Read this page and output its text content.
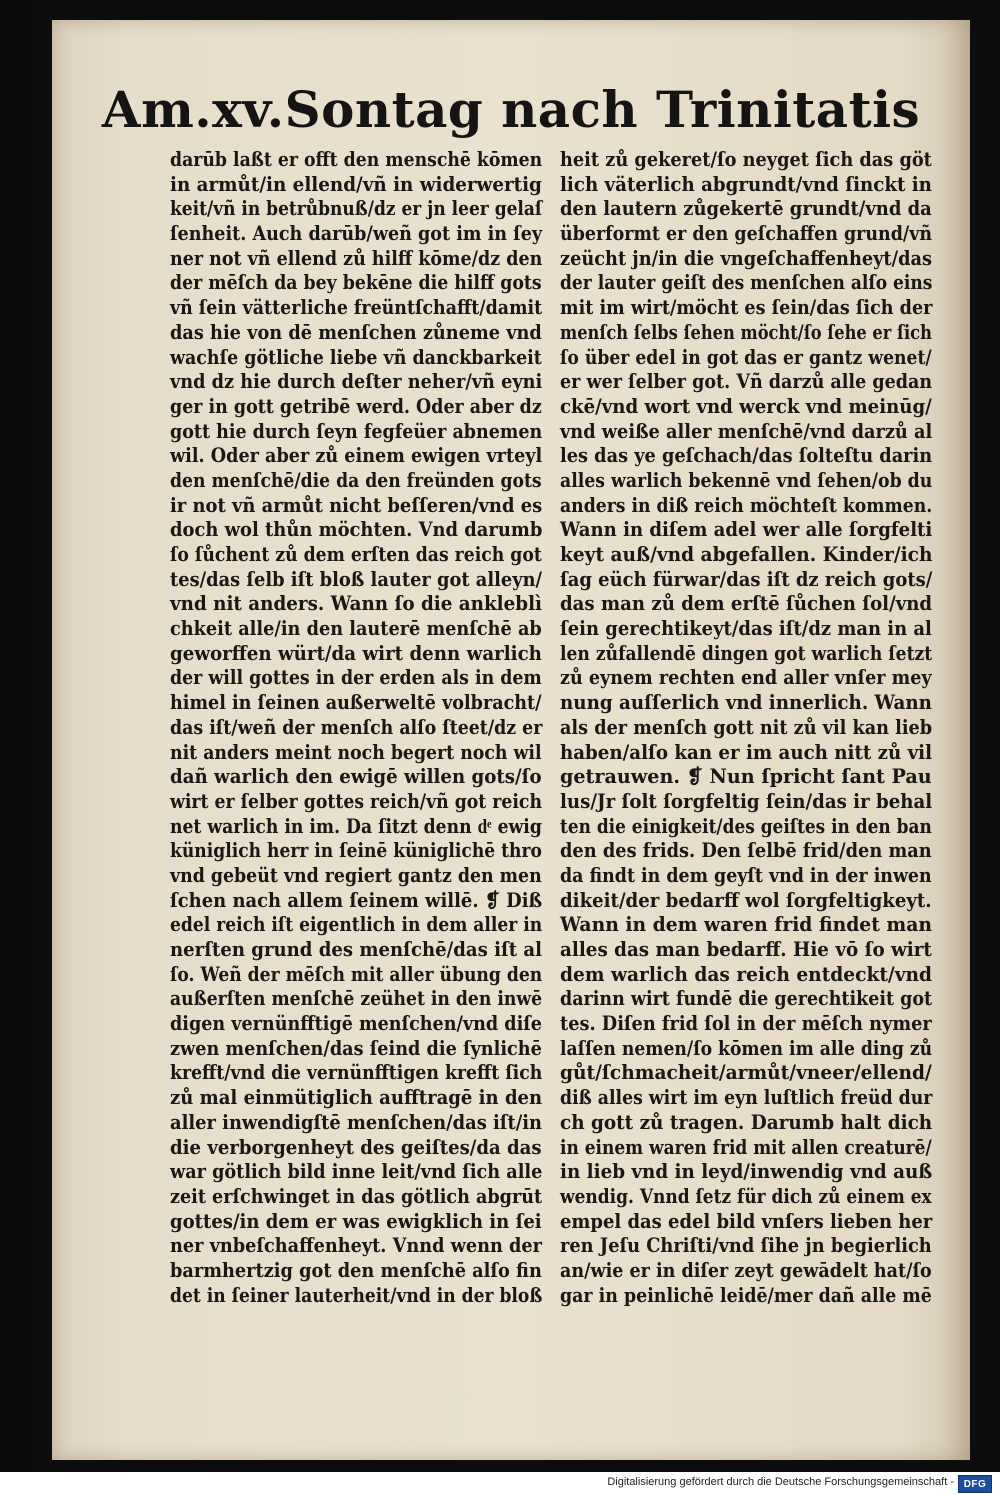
Am.xv.Sontag nach Trinitatis
darūb laßt er offt den menschē kōmen
in armůt/in ellend/vñ in widerwertig
keit/vñ in betrůbnuß/dz er jn leer gelaſ
ſenheit. Auch darūb/weñ got im in ſey
ner not vñ ellend zů hilff kōme/dz den
der mēſch da bey bekēne die hilff gots
vñ ſein vätterliche freüntſchafft/damit
das hie von dē menſchen zůneme vnd
wachſe götliche liebe vñ danckbarkeit
vnd dz hie durch deſter neher/vñ eyni
ger in gott getribē werd. Oder aber dz
gott hie durch ſeyn fegfeüer abnemen
wil. Oder aber zů einem ewigen vrteyl
den menſchē/die da den freünden gots
ir not vñ armůt nicht beſſeren/vnd es
doch wol thůn möchten. Vnd darumb
ſo ſůchent zů dem erſten das reich got
tes/das ſelb iſt bloß lauter got alleyn/
vnd nit anders. Wann ſo die ankleblì
chkeit alle/in den lauterē menſchē ab
geworffen würt/da wirt denn warlich
der will gottes in der erden als in dem
himel in ſeinen außerweltē volbracht/
das iſt/weñ der menſch alſo ſteet/dz er
nit anders meint noch begert noch wil
dañ warlich den ewigē willen gots/ſo
wirt er ſelber gottes reich/vñ got reich
net warlich in im. Da ſitzt denn dͤ ewig
küniglich herr in ſeinē küniglichē thro
vnd gebeüt vnd regiert gantz den men
ſchen nach allem ſeinem willē. ❡ Diß
edel reich iſt eigentlich in dem aller in
nerſten grund des menſchē/das iſt al
ſo. Weñ der mēſch mit aller übung den
außerſten menſchē zeühet in den inwē
digen vernünfftigē menſchen/vnd diſe
zwen menſchen/das ſeind die ſynlichē
krefft/vnd die vernünfftigen krefft ſich
zů mal einmütiglich aufftragē in den
aller inwendigſtē menſchen/das iſt/in
die verborgenheyt des geiſtes/da das
war götlich bild inne leit/vnd ſich alle
zeit erſchwinget in das götlich abgrūt
gottes/in dem er was ewigklich in ſei
ner vnbeſchaffenheyt. Vnnd wenn der
barmhertzig got den menſchē alſo fin
det in ſeiner lauterheit/vnd in der bloß
heit zů gekeret/ſo neyget ſich das göt
lich väterlich abgrundt/vnd ſinckt in
den lautern zůgekertē grundt/vnd da
überformt er den geſchaffen grund/vñ
zeücht jn/in die vngeſchaffenheyt/das
der lauter geiſt des menſchen alſo eins
mit im wirt/möcht es ſein/das ſich der
menſch ſelbs ſehen möcht/ſo ſehe er ſich
ſo über edel in got das er gantz wenet/
er wer ſelber got. Vñ darzů alle gedan
ckē/vnd wort vnd werck vnd meinūg/
vnd weiße aller menſchē/vnd darzů al
les das ye geſchach/das ſolteſtu darin
alles warlich bekennē vnd ſehen/ob du
anders in diß reich möchteſt kommen.
Wann in diſem adel wer alle ſorgfelti
keyt auß/vnd abgefallen. Kinder/ich
ſag eüch fürwar/das iſt dz reich gots/
das man zů dem erſtē ſůchen ſol/vnd
ſein gerechtikeyt/das iſt/dz man in al
len zůfallendē dingen got warlich ſetzt
zů eynem rechten end aller vnſer mey
nung auſſerlich vnd innerlich. Wann
als der menſch gott nit zů vil kan lieb
haben/alſo kan er im auch nitt zů vil
getrauwen. ❡ Nun ſpricht ſant Pau
lus/Jr ſolt ſorgfeltig ſein/das ir behal
ten die einigkeit/des geiſtes in den ban
den des frids. Den ſelbē frid/den man
da findt in dem geyſt vnd in der inwen
dikeit/der bedarff wol ſorgfeltigkeyt.
Wann in dem waren frid findet man
alles das man bedarff. Hie vō ſo wirt
dem warlich das reich entdeckt/vnd
darinn wirt fundē die gerechtikeit got
tes. Diſen frid ſol in der mēſch nymer
laſſen nemen/ſo kōmen im alle ding zů
gůt/ſchmacheit/armůt/vneer/ellend/
diß alles wirt im eyn luſtlich freüd dur
ch gott zů tragen. Darumb halt dich
in einem waren frid mit allen creaturē/
in lieb vnd in leyd/inwendig vnd auß
wendig. Vnnd ſetz für dich zů einem ex
empel das edel bild vnſers lieben her
ren Jeſu Chriſti/vnd ſihe jn begierlich
an/wie er in diſer zeyt gewādelt hat/ſo
gar in peinlichē leidē/mer dañ alle mē
Digitalisierung gefördert durch die Deutsche Forschungsgemeinschaft - DFG
